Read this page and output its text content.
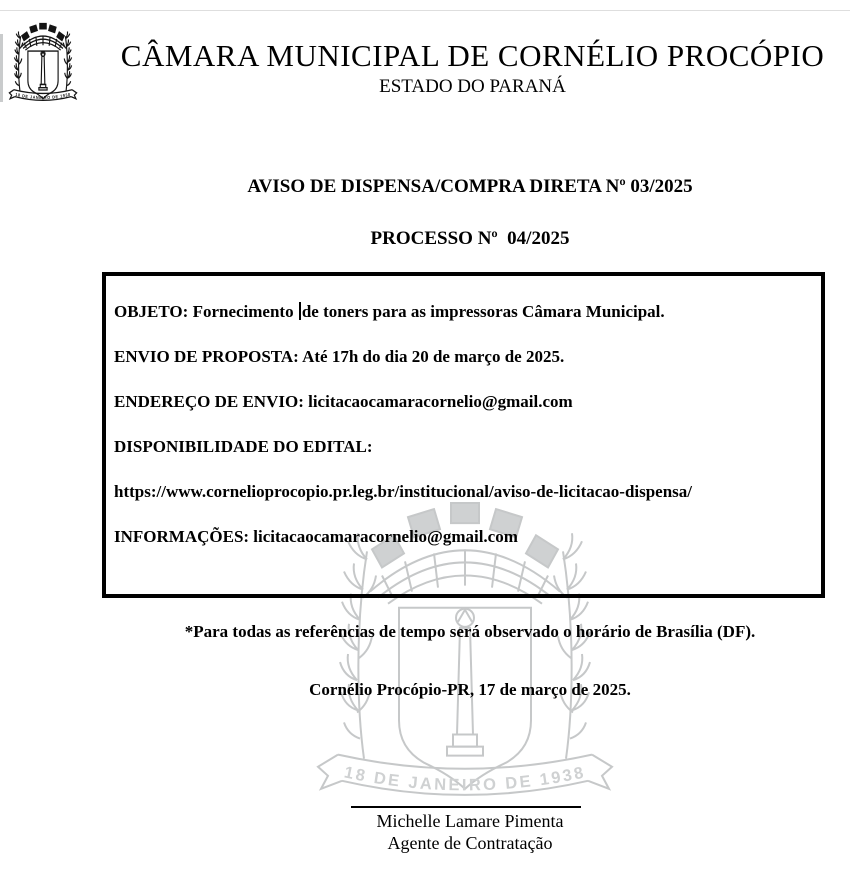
CÂMARA MUNICIPAL DE CORNÉLIO PROCÓPIO
ESTADO DO PARANÁ
AVISO DE DISPENSA/COMPRA DIRETA Nº 03/2025
PROCESSO Nº  04/2025

OBJETO: Fornecimento de toners para as impressoras Câmara Municipal.

ENVIO DE PROPOSTA: Até 17h do dia 20 de março de 2025.

ENDEREÇO DE ENVIO: licitacaocamaracornelio@gmail.com

DISPONIBILIDADE DO EDITAL:

https://www.cornelioprocopio.pr.leg.br/institucional/aviso-de-licitacao-dispensa/

INFORMAÇÕES: licitacaocamaracornelio@gmail.com

*Para todas as referências de tempo será observado o horário de Brasília (DF).
Cornélio Procópio-PR, 17 de março de 2025.
Michelle Lamare Pimenta
Agente de Contratação
